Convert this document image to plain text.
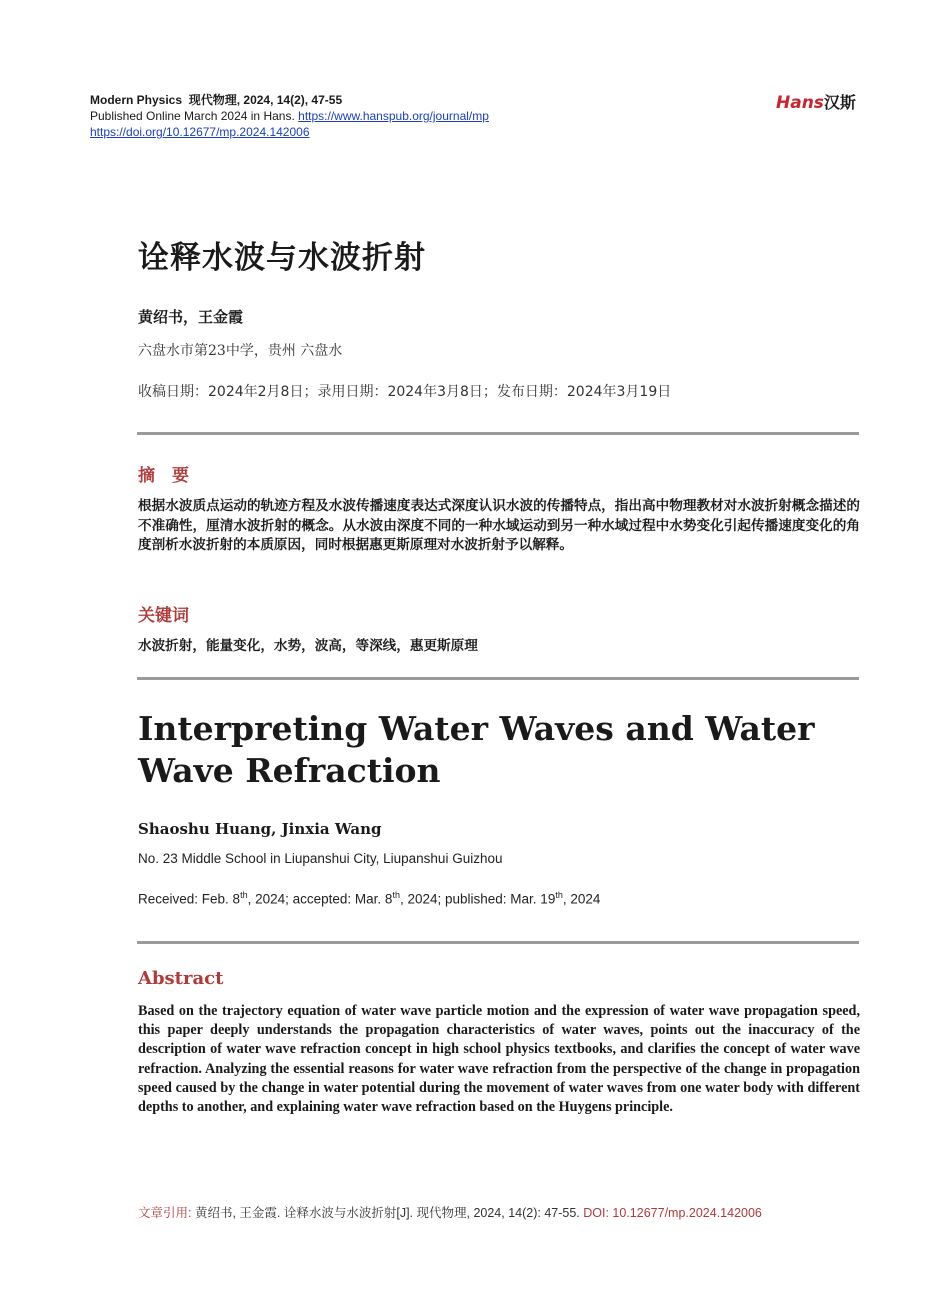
Modern Physics 现代物理, 2024, 14(2), 47-55
Published Online March 2024 in Hans. https://www.hanspub.org/journal/mp
https://doi.org/10.12677/mp.2024.142006
Hans汉斯
诠释水波与水波折射
黄绍书，王金霞
六盘水市第23中学，贵州 六盘水
收稿日期：2024年2月8日；录用日期：2024年3月8日；发布日期：2024年3月19日
摘　要
根据水波质点运动的轨迹方程及水波传播速度表达式深度认识水波的传播特点，指出高中物理教材对水波折射概念描述的不准确性，厘清水波折射的概念。从水波由深度不同的一种水域运动到另一种水域过程中水势变化引起传播速度变化的角度剖析水波折射的本质原因，同时根据惠更斯原理对水波折射予以解释。
关键词
水波折射，能量变化，水势，波高，等深线，惠更斯原理
Interpreting Water Waves and Water
Wave Refraction
Shaoshu Huang, Jinxia Wang
No. 23 Middle School in Liupanshui City, Liupanshui Guizhou
Received: Feb. 8th, 2024; accepted: Mar. 8th, 2024; published: Mar. 19th, 2024
Abstract
Based on the trajectory equation of water wave particle motion and the expression of water wave propagation speed, this paper deeply understands the propagation characteristics of water waves, points out the inaccuracy of the description of water wave refraction concept in high school physics textbooks, and clarifies the concept of water wave refraction. Analyzing the essential reasons for water wave refraction from the perspective of the change in propagation speed caused by the change in water potential during the movement of water waves from one water body with different depths to another, and explaining water wave refraction based on the Huygens principle.
文章引用: 黄绍书, 王金霞. 诠释水波与水波折射[J]. 现代物理, 2024, 14(2): 47-55. DOI: 10.12677/mp.2024.142006
